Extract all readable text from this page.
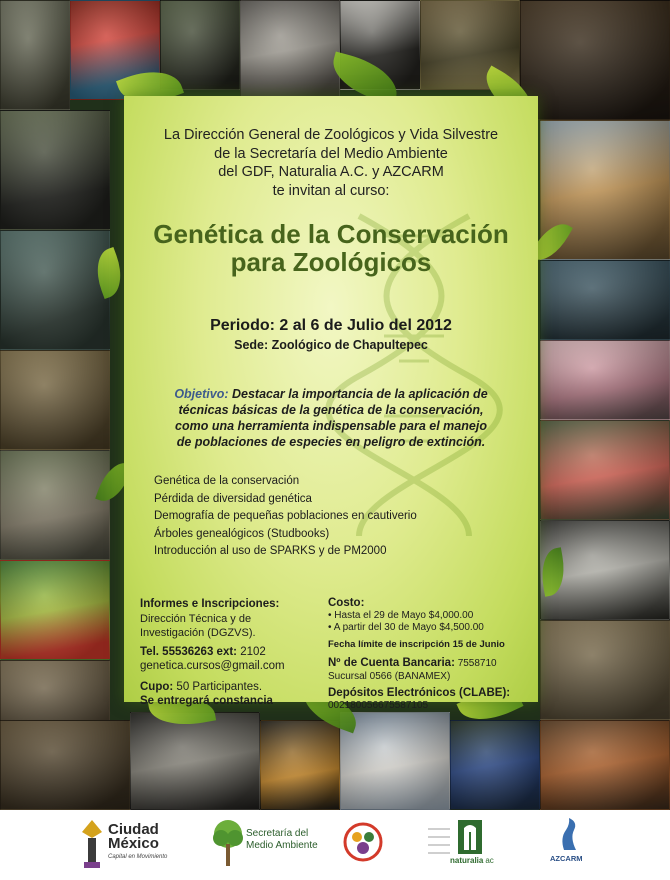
La Dirección General de Zoológicos y Vida Silvestre
de la Secretaría del Medio Ambiente
del GDF, Naturalia A.C. y AZCARM
te invitan al curso:
Genética de la Conservación
para Zoológicos
Periodo: 2 al 6 de Julio del 2012
Sede: Zoológico de Chapultepec
Objetivo: Destacar la importancia de la aplicación de
técnicas básicas de la genética de la conservación,
como una herramienta indispensable para el manejo
de poblaciones de especies en peligro de extinción.
Genética de la conservación
Pérdida de diversidad genética
Demografía de pequeñas poblaciones en cautiverio
Árboles genealógicos (Studbooks)
Introducción al uso de SPARKS y de PM2000
Informes e Inscripciones:
Dirección Técnica y de
Investigación (DGZVS).
Tel. 55536263 ext: 2102
genetica.cursos@gmail.com
Cupo: 50 Participantes.
Se entregará constancia
Costo:
• Hasta el 29 de Mayo $4,000.00
• A partir del 30 de Mayo $4,500.00
Fecha límite de inscripción 15 de Junio
Nº de Cuenta Bancaria: 7558710
Sucursal 0566 (BANAMEX)
Depósitos Electrónicos (CLABE):
002180056675587105
Ciudad
México
Capital en Movimiento
Secretaría del
Medio Ambiente
naturalia ac	AZCARM
